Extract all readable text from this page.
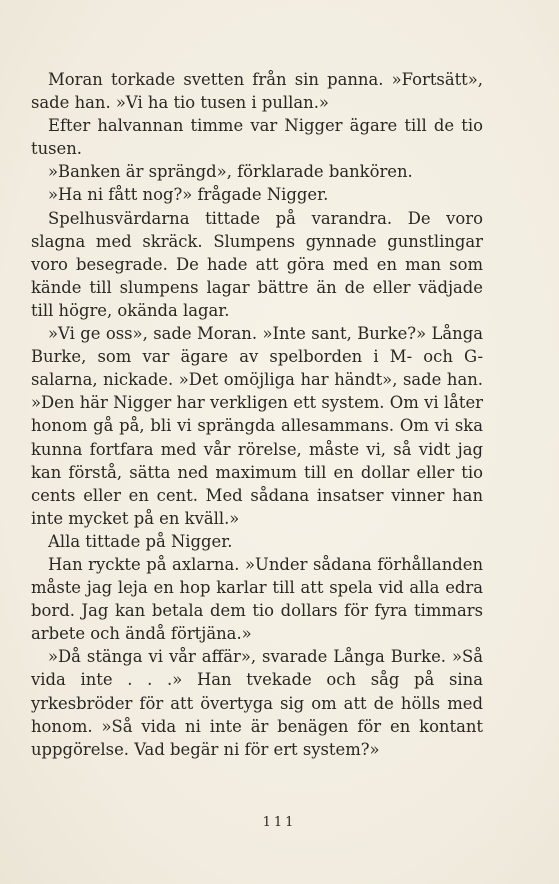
Moran torkade svetten från sin panna. »Fortsätt», sade han. »Vi ha tio tusen i pullan.»

Efter halvannan timme var Nigger ägare till de tio tusen.

»Banken är sprängd», förklarade bankören.

»Ha ni fått nog?» frågade Nigger.

Spelhusvärdarna tittade på varandra. De voro slagna med skräck. Slumpens gynnade gunstlingar voro besegrade. De hade att göra med en man som kände till slumpens lagar bättre än de eller vädjade till högre, okända lagar.

»Vi ge oss», sade Moran. »Inte sant, Burke?» Långa Burke, som var ägare av spelborden i M- och G-salarna, nickade. »Det omöjliga har händt», sade han. »Den här Nigger har verkligen ett system. Om vi låter honom gå på, bli vi sprängda allesammans. Om vi ska kunna fortfara med vår rörelse, måste vi, så vidt jag kan förstå, sätta ned maximum till en dollar eller tio cents eller en cent. Med sådana insatser vinner han inte mycket på en kväll.»

Alla tittade på Nigger.

Han ryckte på axlarna. »Under sådana förhållanden måste jag leja en hop karlar till att spela vid alla edra bord. Jag kan betala dem tio dollars för fyra timmars arbete och ändå förtjäna.»

»Då stänga vi vår affär», svarade Långa Burke. »Så vida inte . . .» Han tvekade och såg på sina yrkesbröder för att övertyga sig om att de hölls med honom. »Så vida ni inte är benägen för en kontant uppgörelse. Vad begär ni för ert system?»

111
